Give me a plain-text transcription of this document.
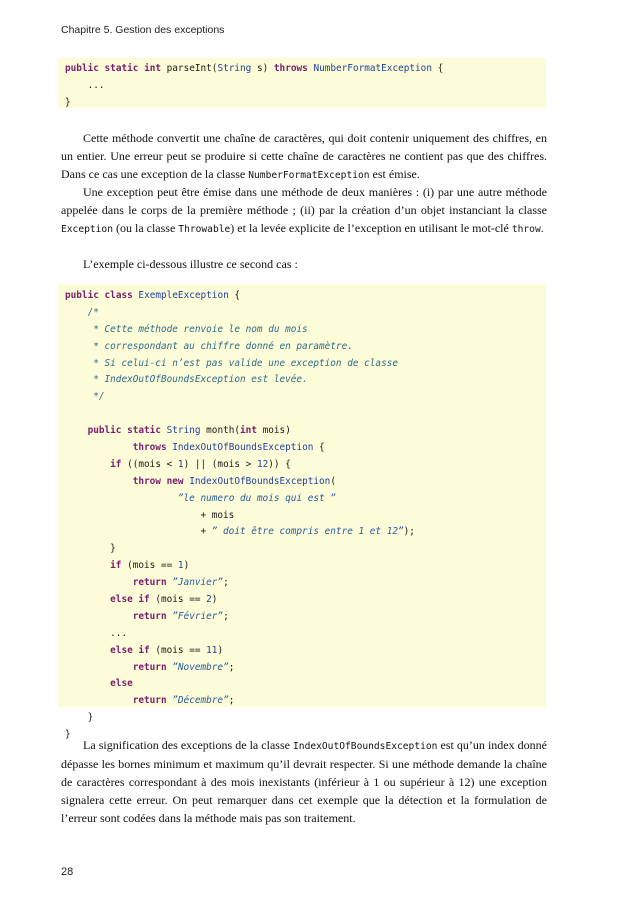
Chapitre 5. Gestion des exceptions
public static int parseInt(String s) throws NumberFormatException {
...
}

Cette méthode convertit une chaîne de caractères, qui doit contenir uniquement des chiffres, en un entier. Une erreur peut se produire si cette chaîne de caractères ne contient pas que des chiffres. Dans ce cas une exception de la classe NumberFormatException est émise.

Une exception peut être émise dans une méthode de deux manières : (i) par une autre méthode appelée dans le corps de la première méthode ; (ii) par la création d’un objet instanciant la classe Exception (ou la classe Throwable) et la levée explicite de l’exception en utilisant le mot-clé throw.

L’exemple ci-dessous illustre ce second cas :

public class ExempleException {
/*
* Cette méthode renvoie le nom du mois
* correspondant au chiffre donné en paramètre.
* Si celui-ci n’est pas valide une exception de classe
* IndexOutOfBoundsException est levée.
*/

public static String month(int mois)
throws IndexOutOfBoundsException {
if ((mois < 1) || (mois > 12)) {
throw new IndexOutOfBoundsException(
”le numero du mois qui est ”
+ mois
+ ” doit être compris entre 1 et 12”);
}
if (mois == 1)
return ”Janvier”;
else if (mois == 2)
return ”Février”;
...
else if (mois == 11)
return ”Novembre”;
else
return ”Décembre”;
}
}

La signification des exceptions de la classe IndexOutOfBoundsException est qu’un index donné dépasse les bornes minimum et maximum qu’il devrait respecter. Si une méthode demande la chaîne de caractères correspondant à des mois inexistants (inférieur à 1 ou supérieur à 12) une exception signalera cette erreur. On peut remarquer dans cet exemple que la détection et la formulation de l’erreur sont codées dans la méthode mais pas son traitement.

28
